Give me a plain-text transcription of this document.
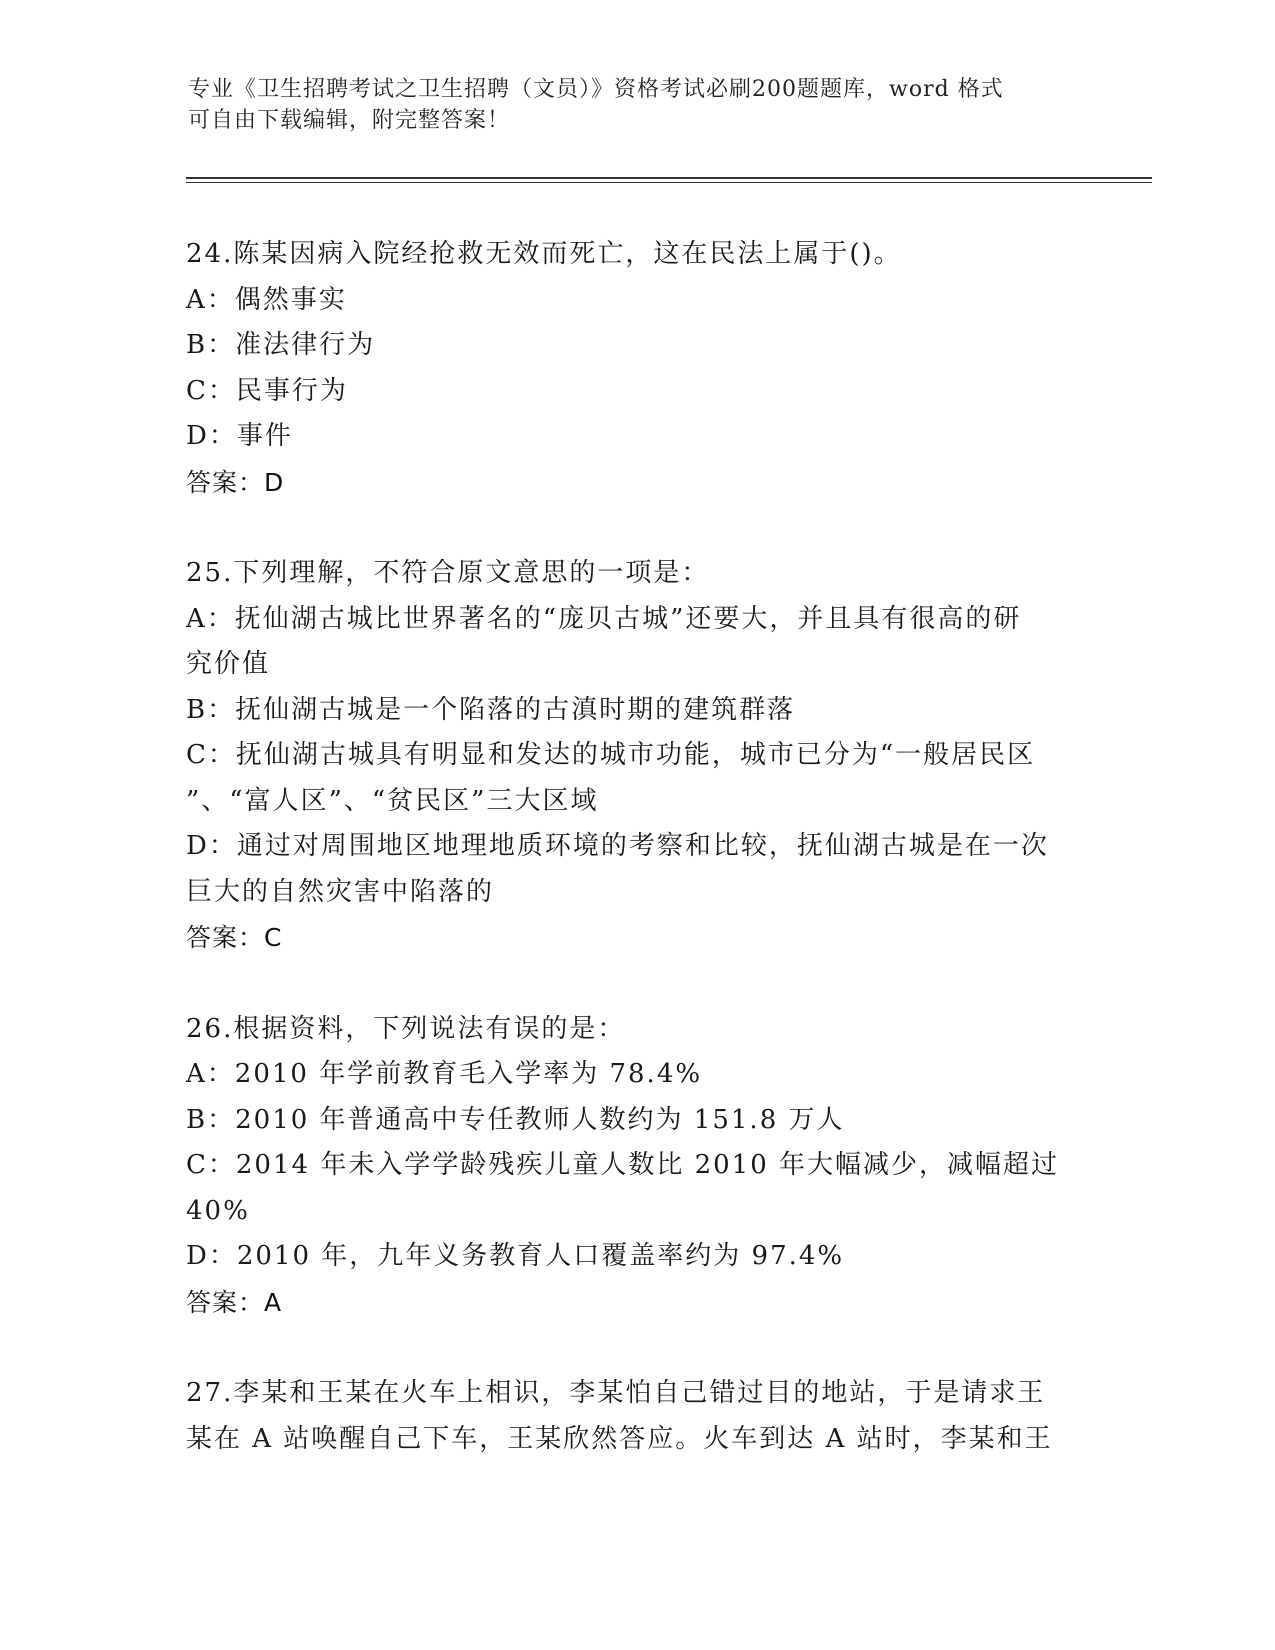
专业《卫生招聘考试之卫生招聘（文员）》资格考试必刷200题题库，word 格式
可自由下载编辑，附完整答案！
24.陈某因病入院经抢救无效而死亡，这在民法上属于()。
A：偶然事实
B：准法律行为
C：民事行为
D：事件
答案：D
25.下列理解，不符合原文意思的一项是：
A：抚仙湖古城比世界著名的“庞贝古城”还要大，并且具有很高的研
究价值
B：抚仙湖古城是一个陷落的古滇时期的建筑群落
C：抚仙湖古城具有明显和发达的城市功能，城市已分为“一般居民区
”、“富人区”、“贫民区”三大区域
D：通过对周围地区地理地质环境的考察和比较，抚仙湖古城是在一次
巨大的自然灾害中陷落的
答案：C
26.根据资料，下列说法有误的是：
A：2010 年学前教育毛入学率为 78.4%
B：2010 年普通高中专任教师人数约为 151.8 万人
C：2014 年未入学学龄残疾儿童人数比 2010 年大幅减少，减幅超过
40%
D：2010 年，九年义务教育人口覆盖率约为 97.4%
答案：A
27.李某和王某在火车上相识，李某怕自己错过目的地站，于是请求王
某在 A 站唤醒自己下车，王某欣然答应。火车到达 A 站时，李某和王
